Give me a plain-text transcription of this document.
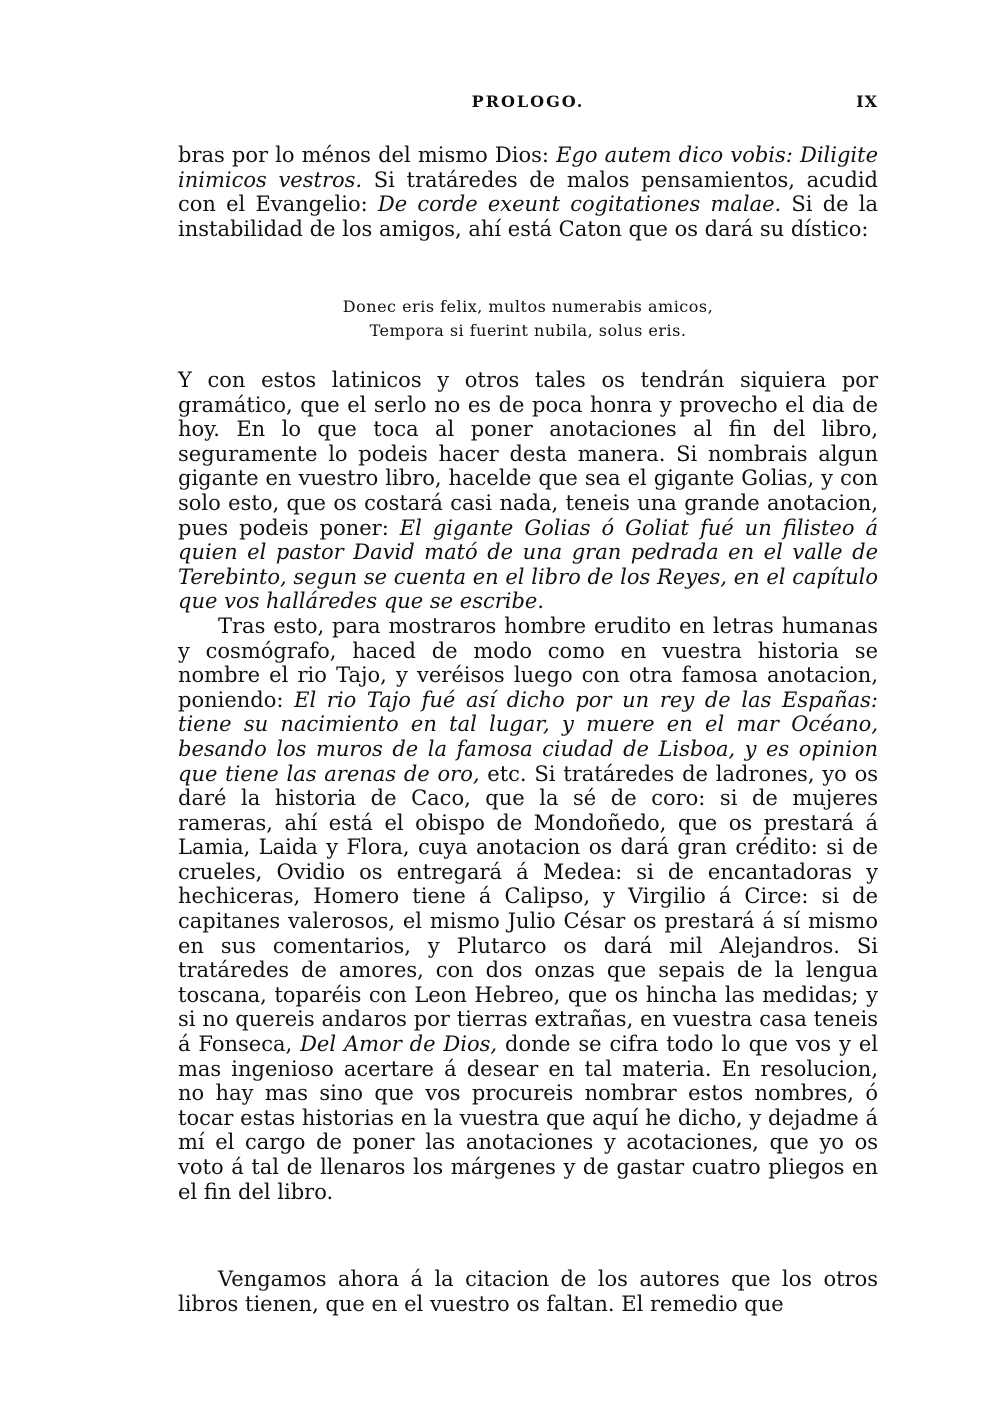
PROLOGO.	IX

bras por lo ménos del mismo Dios: Ego autem dico vobis: Diligite inimicos vestros. Si tratáredes de malos pensamientos, acudid con el Evangelio: De corde exeunt cogitationes malae. Si de la instabilidad de los amigos, ahí está Caton que os dará su dístico:

Donec eris felix, multos numerabis amicos,
Tempora si fuerint nubila, solus eris.

Y con estos latinicos y otros tales os tendrán siquiera por gramático, que el serlo no es de poca honra y provecho el dia de hoy. En lo que toca al poner anotaciones al fin del libro, seguramente lo podeis hacer desta manera. Si nombrais algun gigante en vuestro libro, hacelde que sea el gigante Golias, y con solo esto, que os costará casi nada, teneis una grande anotacion, pues podeis poner: El gigante Golias ó Goliat fué un filisteo á quien el pastor David mató de una gran pedrada en el valle de Terebinto, segun se cuenta en el libro de los Reyes, en el capítulo que vos halláredes que se escribe.

Tras esto, para mostraros hombre erudito en letras humanas y cosmógrafo, haced de modo como en vuestra historia se nombre el rio Tajo, y veréisos luego con otra famosa anotacion, poniendo: El rio Tajo fué así dicho por un rey de las Españas: tiene su nacimiento en tal lugar, y muere en el mar Océano, besando los muros de la famosa ciudad de Lisboa, y es opinion que tiene las arenas de oro, etc. Si tratáredes de ladrones, yo os daré la historia de Caco, que la sé de coro: si de mujeres rameras, ahí está el obispo de Mondoñedo, que os prestará á Lamia, Laida y Flora, cuya anotacion os dará gran crédito: si de crueles, Ovidio os entregará á Medea: si de encantadoras y hechiceras, Homero tiene á Calipso, y Virgilio á Circe: si de capitanes valerosos, el mismo Julio César os prestará á sí mismo en sus comentarios, y Plutarco os dará mil Alejandros. Si tratáredes de amores, con dos onzas que sepais de la lengua toscana, toparéis con Leon Hebreo, que os hincha las medidas; y si no quereis andaros por tierras extrañas, en vuestra casa teneis á Fonseca, Del Amor de Dios, donde se cifra todo lo que vos y el mas ingenioso acertare á desear en tal materia. En resolucion, no hay mas sino que vos procureis nombrar estos nombres, ó tocar estas historias en la vuestra que aquí he dicho, y dejadme á mí el cargo de poner las anotaciones y acotaciones, que yo os voto á tal de llenaros los márgenes y de gastar cuatro pliegos en el fin del libro.

Vengamos ahora á la citacion de los autores que los otros libros tienen, que en el vuestro os faltan. El remedio que
